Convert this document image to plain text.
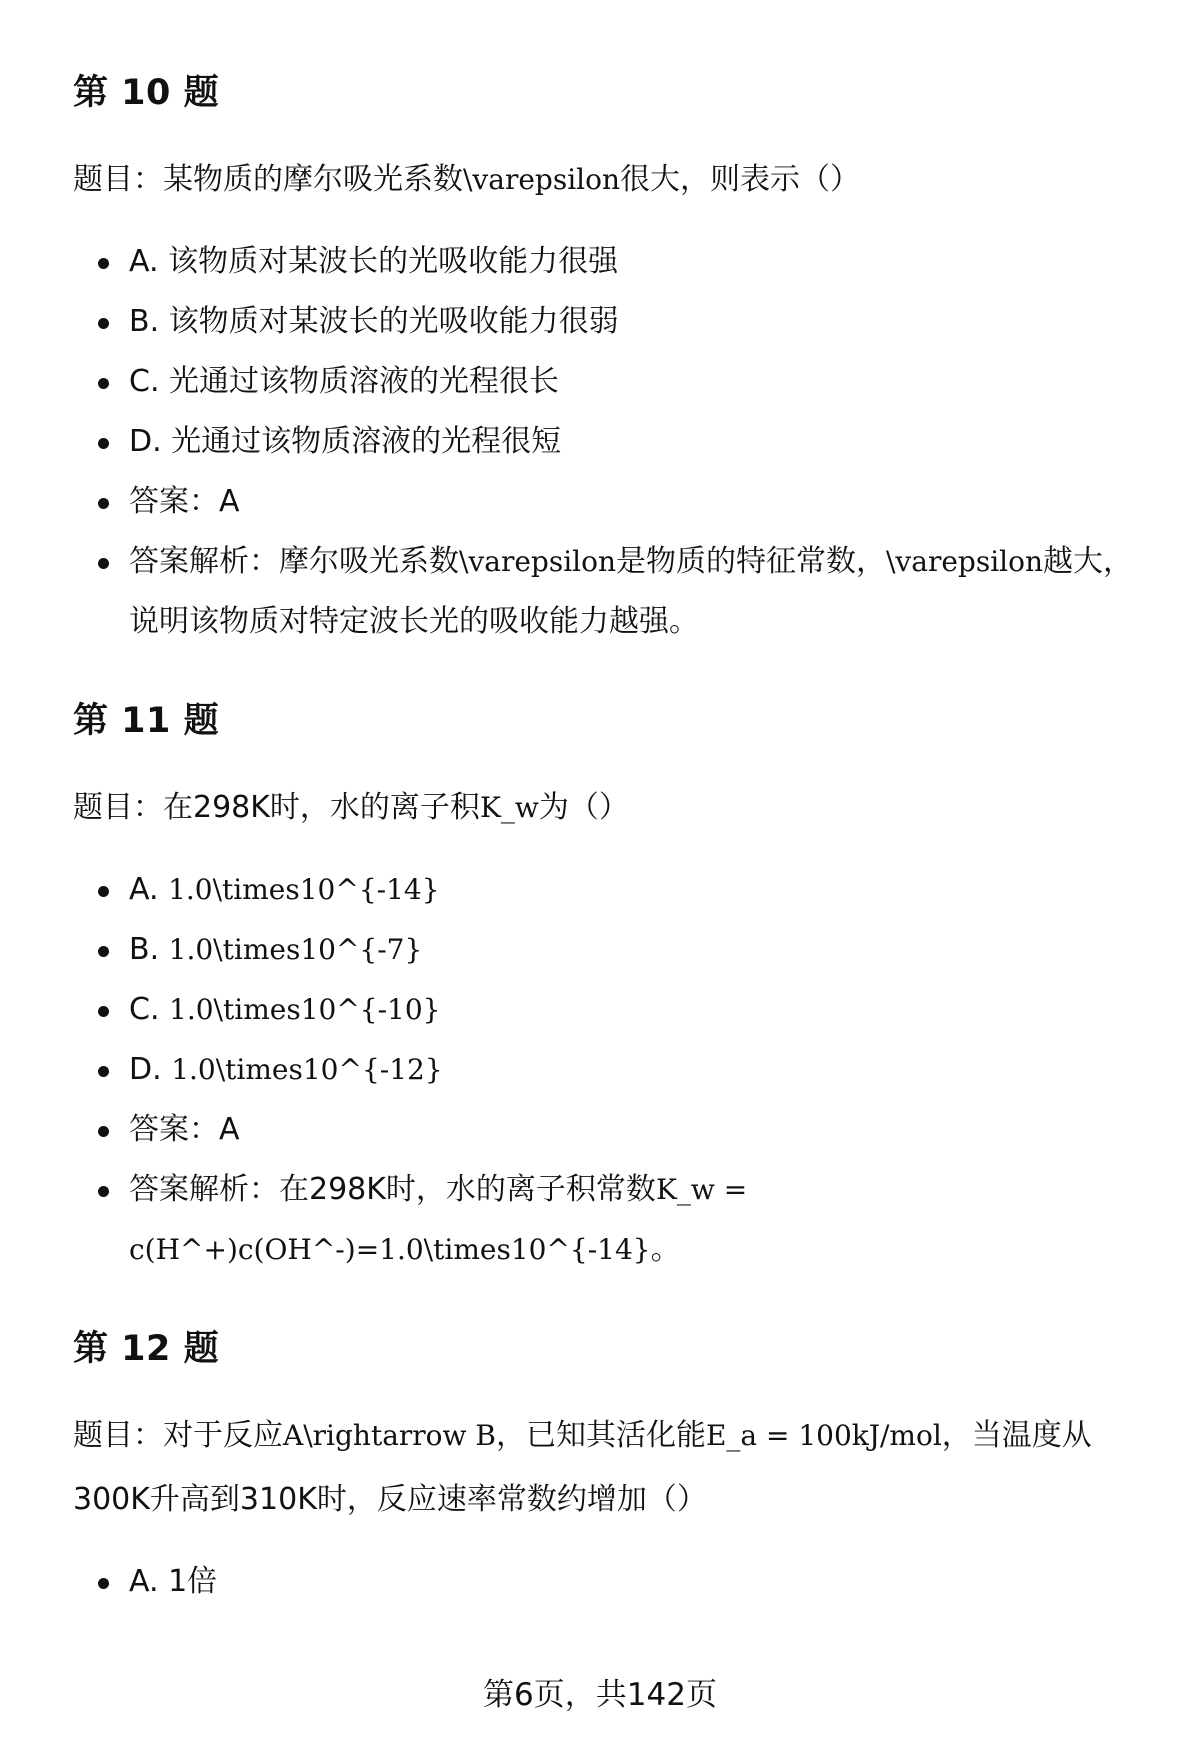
第 10 题

题目：某物质的摩尔吸光系数\varepsilon很大，则表示（）

A. 该物质对某波长的光吸收能力很强
B. 该物质对某波长的光吸收能力很弱
C. 光通过该物质溶液的光程很长
D. 光通过该物质溶液的光程很短
答案：A
答案解析：摩尔吸光系数\varepsilon是物质的特征常数，\varepsilon越大，说明该物质对特定波长光的吸收能力越强。
第 11 题

题目：在298K时，水的离子积K_w为（）

A. 1.0\times10^{-14}
B. 1.0\times10^{-7}
C. 1.0\times10^{-10}
D. 1.0\times10^{-12}
答案：A
答案解析：在298K时，水的离子积常数K_w = c(H^+)c(OH^-)=1.0\times10^{-14}。
第 12 题

题目：对于反应A\rightarrow B，已知其活化能E_a = 100kJ/mol，当温度从300K升高到310K时，反应速率常数约增加（）

A. 1倍
第6页，共142页
